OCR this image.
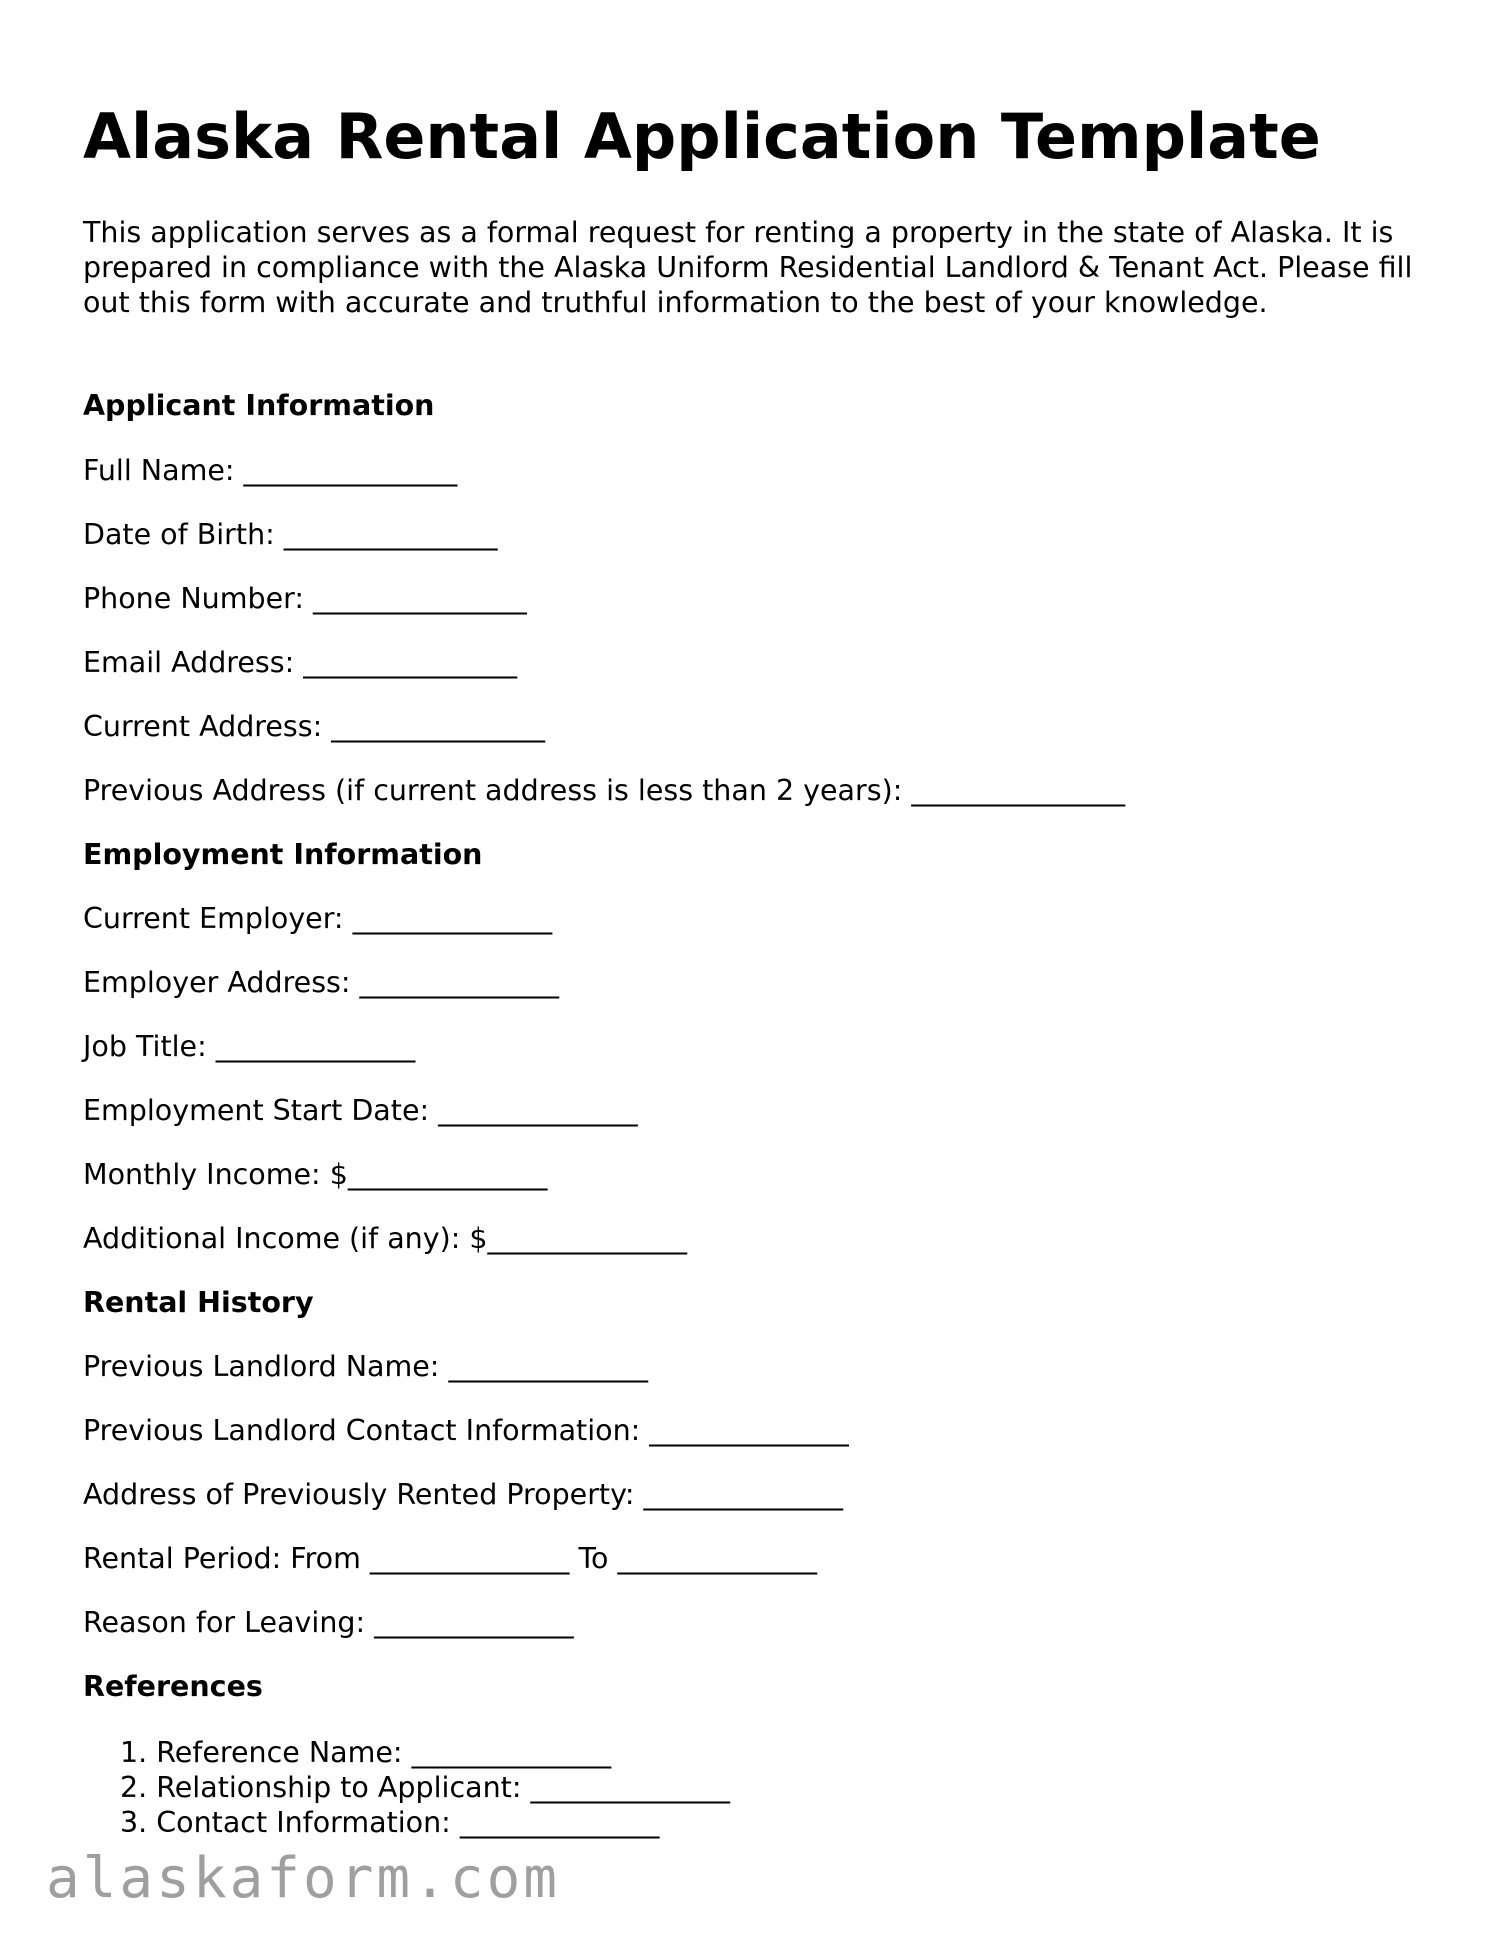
Alaska Rental Application Template

This application serves as a formal request for renting a property in the state of Alaska. It is prepared in compliance with the Alaska Uniform Residential Landlord & Tenant Act. Please fill out this form with accurate and truthful information to the best of your knowledge.

Applicant Information

Full Name: _______________

Date of Birth: _______________

Phone Number: _______________

Email Address: _______________

Current Address: _______________

Previous Address (if current address is less than 2 years): _______________

Employment Information

Current Employer: ______________

Employer Address: ______________

Job Title: ______________

Employment Start Date: ______________

Monthly Income: $______________

Additional Income (if any): $______________

Rental History

Previous Landlord Name: ______________

Previous Landlord Contact Information: ______________

Address of Previously Rented Property: ______________

Rental Period: From ______________ To ______________

Reason for Leaving: ______________

References
1. Reference Name: ______________
2. Relationship to Applicant: ______________
3. Contact Information: ______________
alaskaform.com
